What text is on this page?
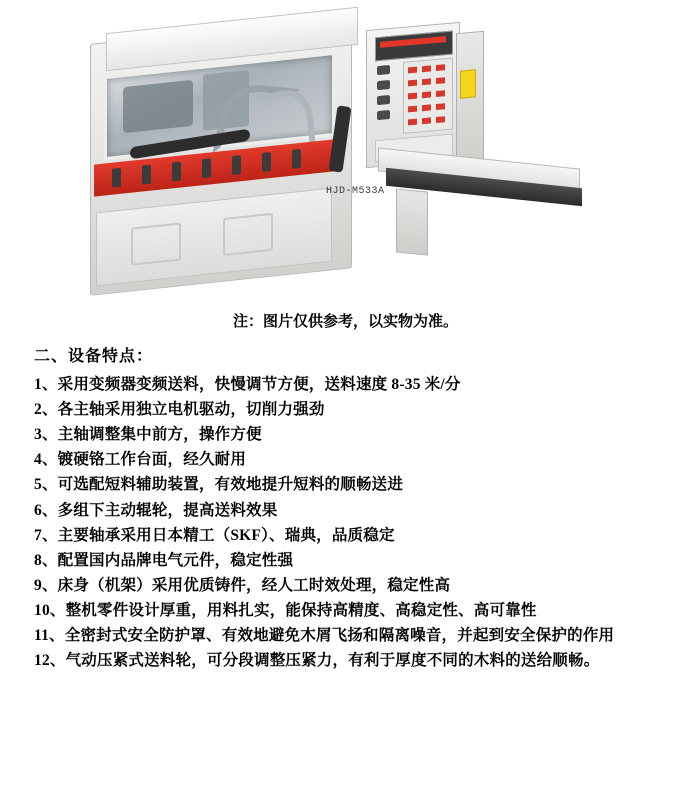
HJD-M533A
注：图片仅供参考，以实物为准。
二、设备特点：
1、采用变频器变频送料，快慢调节方便，送料速度 8-35 米/分
2、各主轴采用独立电机驱动，切削力强劲
3、主轴调整集中前方，操作方便
4、镀硬铬工作台面，经久耐用
5、可选配短料辅助装置，有效地提升短料的顺畅送进
6、多组下主动辊轮，提高送料效果
7、主要轴承采用日本精工（SKF）、瑞典，品质稳定
8、配置国内品牌电气元件，稳定性强
9、床身（机架）采用优质铸件，经人工时效处理，稳定性高
10、整机零件设计厚重，用料扎实，能保持高精度、高稳定性、高可靠性
11、全密封式安全防护罩、有效地避免木屑飞扬和隔离噪音，并起到安全保护的作用
12、气动压紧式送料轮，可分段调整压紧力，有利于厚度不同的木料的送给顺畅。
